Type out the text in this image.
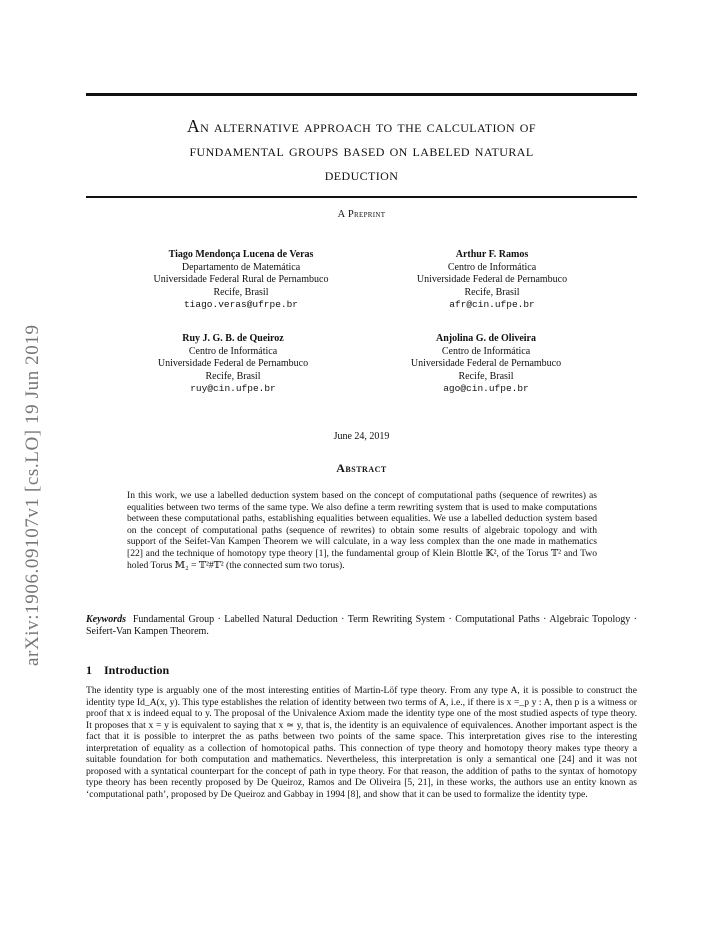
arXiv:1906.09107v1 [cs.LO] 19 Jun 2019
An alternative approach to the calculation of
fundamental groups based on labeled natural
deduction
A Preprint
Tiago Mendonça Lucena de Veras
Departamento de Matemática
Universidade Federal Rural de Pernambuco
Recife, Brasil
tiago.veras@ufrpe.br
Arthur F. Ramos
Centro de Informática
Universidade Federal de Pernambuco
Recife, Brasil
afr@cin.ufpe.br
Ruy J. G. B. de Queiroz
Centro de Informática
Universidade Federal de Pernambuco
Recife, Brasil
ruy@cin.ufpe.br
Anjolina G. de Oliveira
Centro de Informática
Universidade Federal de Pernambuco
Recife, Brasil
ago@cin.ufpe.br
June 24, 2019
Abstract
In this work, we use a labelled deduction system based on the concept of computational paths (sequence of rewrites) as equalities between two terms of the same type. We also define a term rewriting system that is used to make computations between these computational paths, establishing equalities between equalities. We use a labelled deduction system based on the concept of computational paths (sequence of rewrites) to obtain some results of algebraic topology and with support of the Seifet-Van Kampen Theorem we will calculate, in a way less complex than the one made in mathematics [22] and the technique of homotopy type theory [1], the fundamental group of Klein Blottle 𝕂², of the Torus 𝕋² and Two holed Torus 𝕄₂ = 𝕋²#𝕋² (the connected sum two torus).
Keywords Fundamental Group · Labelled Natural Deduction · Term Rewriting System · Computational Paths · Algebraic Topology · Seifert-Van Kampen Theorem.
1 Introduction
The identity type is arguably one of the most interesting entities of Martin-Löf type theory. From any type A, it is possible to construct the identity type Id_A(x, y). This type establishes the relation of identity between two terms of A, i.e., if there is x =_p y : A, then p is a witness or proof that x is indeed equal to y. The proposal of the Univalence Axiom made the identity type one of the most studied aspects of type theory. It proposes that x = y is equivalent to saying that x ≃ y, that is, the identity is an equivalence of equivalences. Another important aspect is the fact that it is possible to interpret the as paths between two points of the same space. This interpretation gives rise to the interesting interpretation of equality as a collection of homotopical paths. This connection of type theory and homotopy theory makes type theory a suitable foundation for both computation and mathematics. Nevertheless, this interpretation is only a semantical one [24] and it was not proposed with a syntatical counterpart for the concept of path in type theory. For that reason, the addition of paths to the syntax of homotopy type theory has been recently proposed by De Queiroz, Ramos and De Oliveira [5, 21], in these works, the authors use an entity known as ‘computational path’, proposed by De Queiroz and Gabbay in 1994 [8], and show that it can be used to formalize the identity type.
